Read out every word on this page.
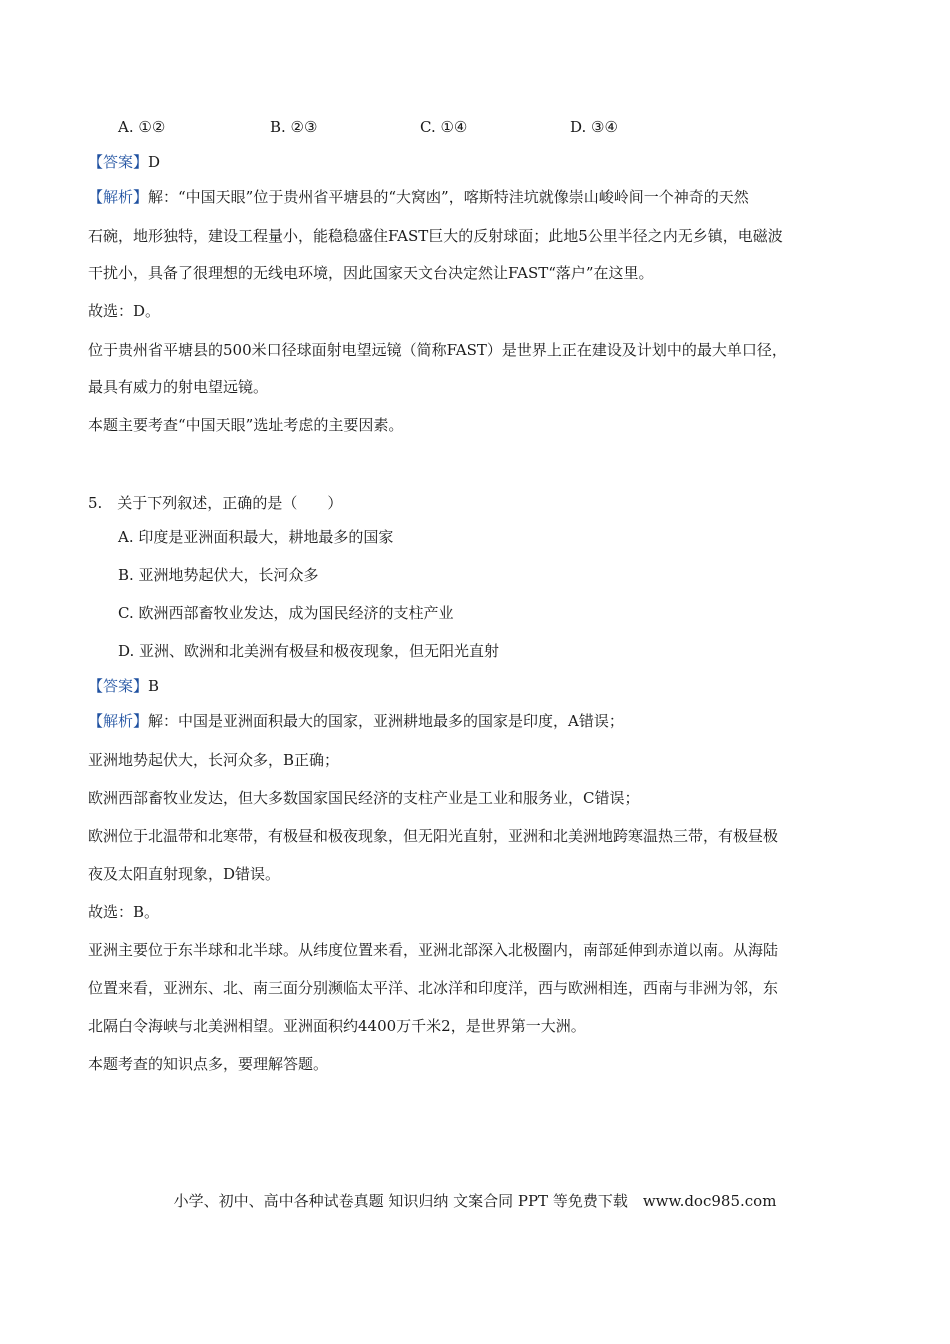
A. ①②	B. ②③	C. ①④	D. ③④
【答案】D
【解析】解：“中国天眼”位于贵州省平塘县的“大窝凼”，喀斯特洼坑就像崇山峻岭间一个神奇的天然
石碗，地形独特，建设工程量小，能稳稳盛住FAST巨大的反射球面；此地5公里半径之内无乡镇，电磁波
干扰小，具备了很理想的无线电环境，因此国家天文台决定然让FAST“落户”在这里。
故选：D。
位于贵州省平塘县的500米口径球面射电望远镜（简称FAST）是世界上正在建设及计划中的最大单口径，
最具有威力的射电望远镜。
本题主要考查“中国天眼”选址考虑的主要因素。
5.　关于下列叙述，正确的是（　　）
A. 印度是亚洲面积最大，耕地最多的国家
B. 亚洲地势起伏大，长河众多
C. 欧洲西部畜牧业发达，成为国民经济的支柱产业
D. 亚洲、欧洲和北美洲有极昼和极夜现象，但无阳光直射
【答案】B
【解析】解：中国是亚洲面积最大的国家，亚洲耕地最多的国家是印度，A错误；
亚洲地势起伏大，长河众多，B正确；
欧洲西部畜牧业发达，但大多数国家国民经济的支柱产业是工业和服务业，C错误；
欧洲位于北温带和北寒带，有极昼和极夜现象，但无阳光直射，亚洲和北美洲地跨寒温热三带，有极昼极
夜及太阳直射现象，D错误。
故选：B。
亚洲主要位于东半球和北半球。从纬度位置来看，亚洲北部深入北极圈内，南部延伸到赤道以南。从海陆
位置来看，亚洲东、北、南三面分别濒临太平洋、北冰洋和印度洋，西与欧洲相连，西南与非洲为邻，东
北隔白令海峡与北美洲相望。亚洲面积约4400万千米2，是世界第一大洲。
本题考查的知识点多，要理解答题。
小学、初中、高中各种试卷真题 知识归纳 文案合同 PPT 等免费下载　www.doc985.com
